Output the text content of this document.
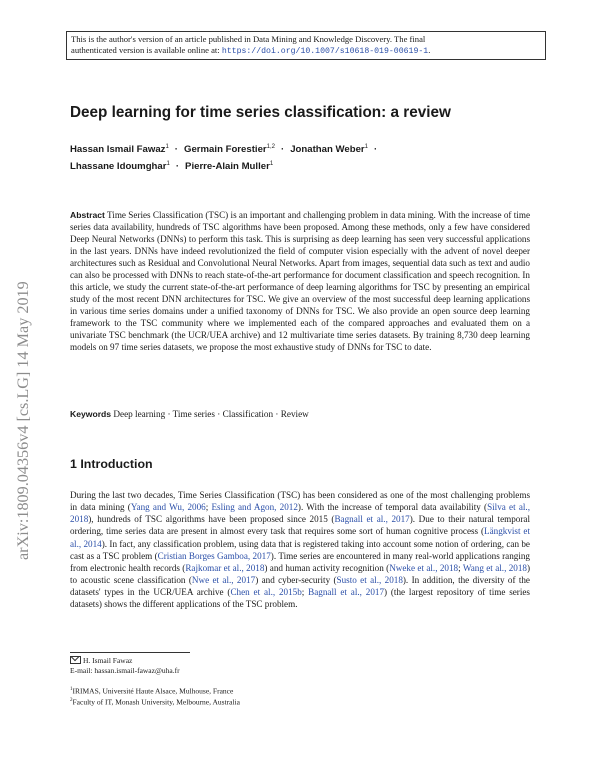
This is the author's version of an article published in Data Mining and Knowledge Discovery. The final
authenticated version is available online at: https://doi.org/10.1007/s10618-019-00619-1.
arXiv:1809.04356v4 [cs.LG] 14 May 2019
Deep learning for time series classification: a review
Hassan Ismail Fawaz$^1$ · Germain Forestier$^{1,2}$ · Jonathan Weber$^1$ ·
Lhassane Idoumghar$^1$ · Pierre-Alain Muller$^1$
Abstract Time Series Classification (TSC) is an important and challenging problem in data mining. With the increase of time series data availability, hundreds of TSC algorithms have been proposed. Among these methods, only a few have considered Deep Neural Networks (DNNs) to perform this task. This is surprising as deep learning has seen very successful applications in the last years. DNNs have indeed revolutionized the field of computer vision especially with the advent of novel deeper architectures such as Residual and Convolutional Neural Networks. Apart from images, sequential data such as text and audio can also be processed with DNNs to reach state-of-the-art performance for document classification and speech recognition. In this article, we study the current state-of-the-art performance of deep learning algorithms for TSC by presenting an empirical study of the most recent DNN architectures for TSC. We give an overview of the most successful deep learning applications in various time series domains under a unified taxonomy of DNNs for TSC. We also provide an open source deep learning framework to the TSC community where we implemented each of the compared approaches and evaluated them on a univariate TSC benchmark (the UCR/UEA archive) and 12 multivariate time series datasets. By training 8,730 deep learning models on 97 time series datasets, we propose the most exhaustive study of DNNs for TSC to date.
Keywords Deep learning · Time series · Classification · Review
1 Introduction
During the last two decades, Time Series Classification (TSC) has been considered as one of the most challenging problems in data mining (Yang and Wu, 2006; Esling and Agon, 2012). With the increase of temporal data availability (Silva et al., 2018), hundreds of TSC algorithms have been proposed since 2015 (Bagnall et al., 2017). Due to their natural temporal ordering, time series data are present in almost every task that requires some sort of human cognitive process (Längkvist et al., 2014). In fact, any classification problem, using data that is registered taking into account some notion of ordering, can be cast as a TSC problem (Cristian Borges Gamboa, 2017). Time series are encountered in many real-world applications ranging from electronic health records (Rajkomar et al., 2018) and human activity recognition (Nweke et al., 2018; Wang et al., 2018) to acoustic scene classification (Nwe et al., 2017) and cyber-security (Susto et al., 2018). In addition, the diversity of the datasets' types in the UCR/UEA archive (Chen et al., 2015b; Bagnall et al., 2017) (the largest repository of time series datasets) shows the different applications of the TSC problem.
H. Ismail Fawaz
E-mail: hassan.ismail-fawaz@uha.fr
$^1$IRIMAS, Université Haute Alsace, Mulhouse, France
$^2$Faculty of IT, Monash University, Melbourne, Australia
